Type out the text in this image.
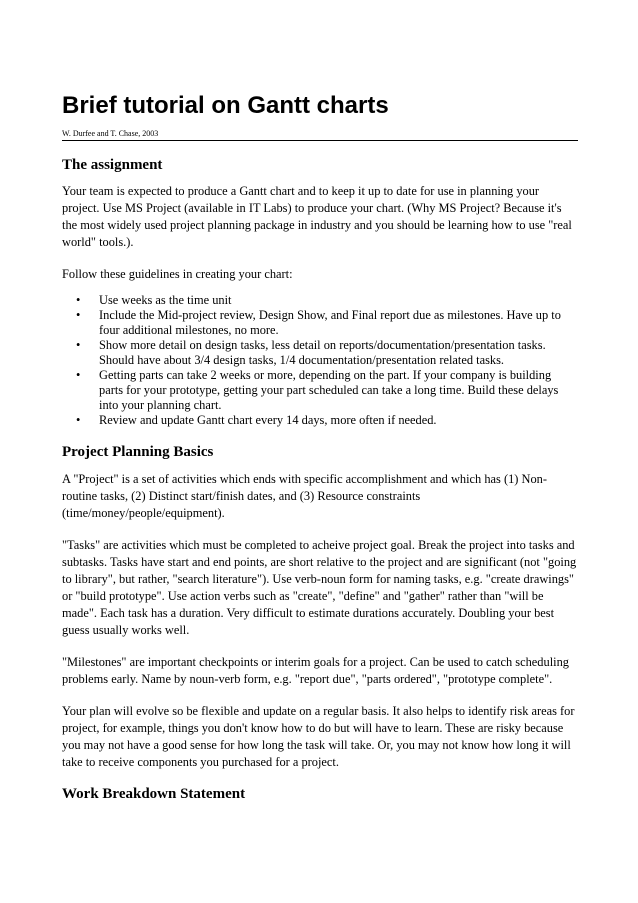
Brief tutorial on Gantt charts
W. Durfee and T. Chase, 2003
The assignment

Your team is expected to produce a Gantt chart and to keep it up to date for use in planning your project. Use MS Project (available in IT Labs) to produce your chart. (Why MS Project? Because it's the most widely used project planning package in industry and you should be learning how to use "real world" tools.).

Follow these guidelines in creating your chart:

• Use weeks as the time unit
• Include the Mid-project review, Design Show, and Final report due as milestones. Have up to four additional milestones, no more.
• Show more detail on design tasks, less detail on reports/documentation/presentation tasks. Should have about 3/4 design tasks, 1/4 documentation/presentation related tasks.
• Getting parts can take 2 weeks or more, depending on the part. If your company is building parts for your prototype, getting your part scheduled can take a long time. Build these delays into your planning chart.
• Review and update Gantt chart every 14 days, more often if needed.
Project Planning Basics

A "Project" is a set of activities which ends with specific accomplishment and which has (1) Non-routine tasks, (2) Distinct start/finish dates, and (3) Resource constraints (time/money/people/equipment).

"Tasks" are activities which must be completed to acheive project goal. Break the project into tasks and subtasks. Tasks have start and end points, are short relative to the project and are significant (not "going to library", but rather, "search literature"). Use verb-noun form for naming tasks, e.g. "create drawings" or "build prototype". Use action verbs such as "create", "define" and "gather" rather than "will be made". Each task has a duration. Very difficult to estimate durations accurately. Doubling your best guess usually works well.

"Milestones" are important checkpoints or interim goals for a project. Can be used to catch scheduling problems early. Name by noun-verb form, e.g. "report due", "parts ordered", "prototype complete".

Your plan will evolve so be flexible and update on a regular basis. It also helps to identify risk areas for project, for example, things you don't know how to do but will have to learn. These are risky because you may not have a good sense for how long the task will take. Or, you may not know how long it will take to receive components you purchased for a project.

Work Breakdown Statement
